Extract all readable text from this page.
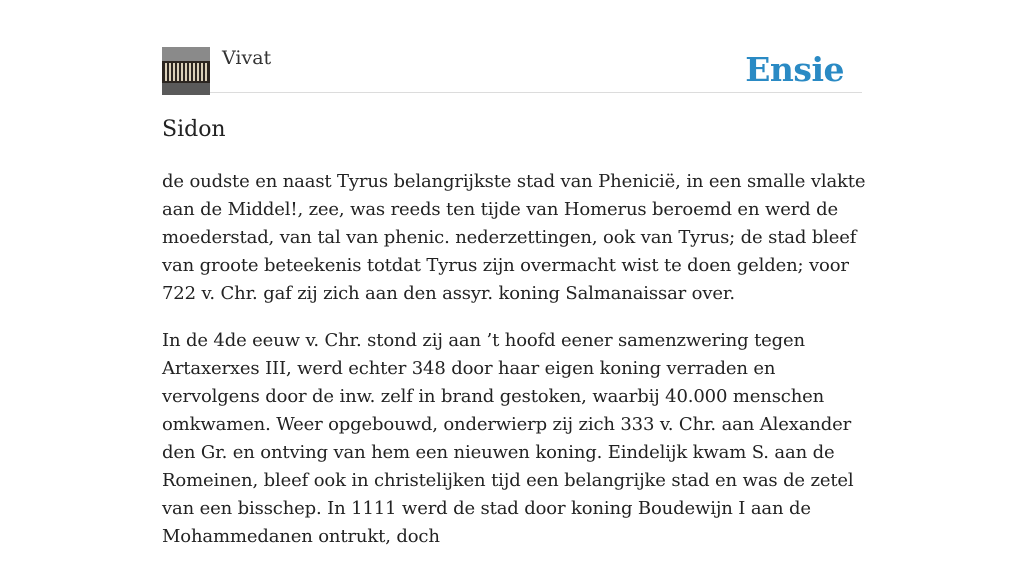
Vivat	Ensie
Sidon

de oudste en naast Tyrus belangrijkste stad van Phenicië, in een smalle vlakte aan de Middel!, zee, was reeds ten tijde van Homerus beroemd en werd de moederstad, van tal van phenic. nederzettingen, ook van Tyrus; de stad bleef van groote beteekenis totdat Tyrus zijn overmacht wist te doen gelden; voor 722 v. Chr. gaf zij zich aan den assyr. koning Salmanaissar over.

In de 4de eeuw v. Chr. stond zij aan ’t hoofd eener samenzwering tegen Artaxerxes III, werd echter 348 door haar eigen koning verraden en vervolgens door de inw. zelf in brand gestoken, waarbij 40.000 menschen omkwamen. Weer opgebouwd, onderwierp zij zich 333 v. Chr. aan Alexander den Gr. en ontving van hem een nieuwen koning. Eindelijk kwam S. aan de Romeinen, bleef ook in christelijken tijd een belangrijke stad en was de zetel van een bisschep. In 1111 werd de stad door koning Boudewijn I aan de Mohammedanen ontrukt, doch
